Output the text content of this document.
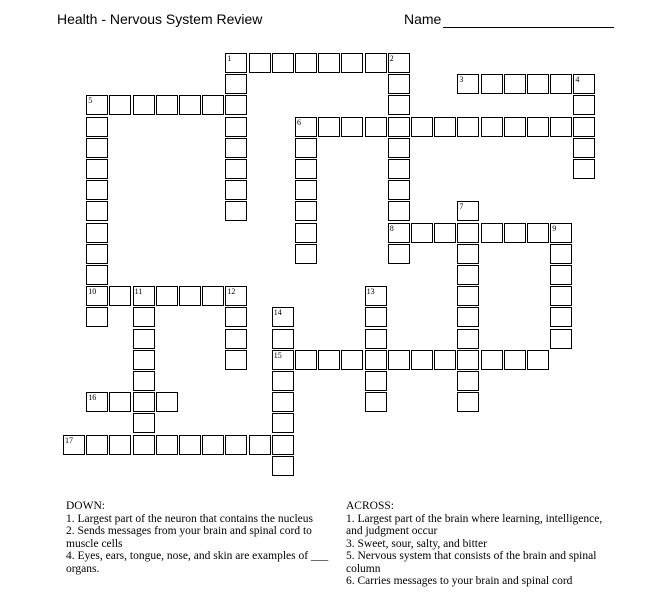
Health - Nervous System Review	Name
1	2
8
3	4
5
10
6
7
9
11	12	13
14
15
16
17

DOWN:

1. Largest part of the neuron that contains the nucleus

2. Sends messages from your brain and spinal cord to muscle cells

4. Eyes, ears, tongue, nose, and skin are examples of ___ organs.

ACROSS:

1. Largest part of the brain where learning, intelligence, and judgment occur

3. Sweet, sour, salty, and bitter

5. Nervous system that consists of the brain and spinal column

6. Carries messages to your brain and spinal cord
